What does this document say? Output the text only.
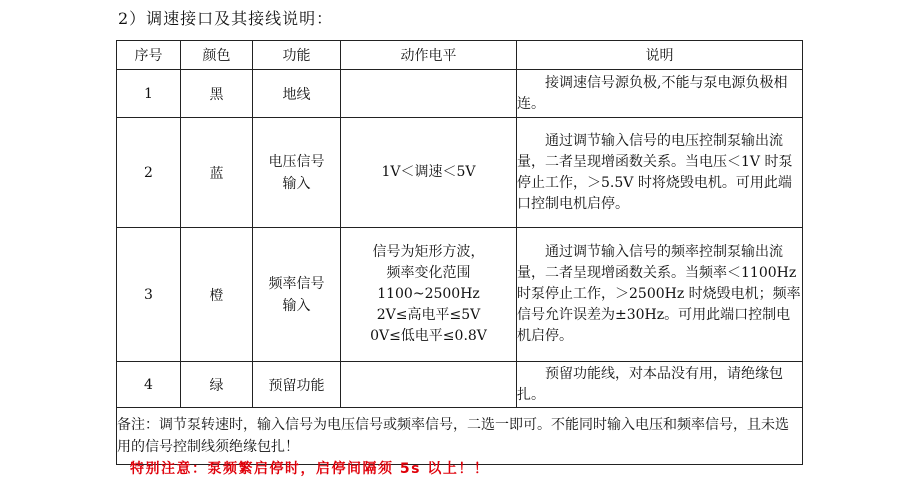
2）调速接口及其接线说明：
序号	颜色	功能	动作电平	说明
1	黑	地线		接调速信号源负极,不能与泵电源负极相连。
2	蓝	电压信号输入	1V＜调速＜5V	通过调节输入信号的电压控制泵输出流量，二者呈现增函数关系。当电压＜1V 时泵停止工作，＞5.5V 时将烧毁电机。可用此端口控制电机启停。
3	橙	频率信号输入	信号为矩形方波，
频率变化范围
1100~2500Hz
2V≤高电平≤5V
0V≤低电平≤0.8V	通过调节输入信号的频率控制泵输出流量，二者呈现增函数关系。当频率＜1100Hz 时泵停止工作，＞2500Hz 时烧毁电机；频率信号允许误差为±30Hz。可用此端口控制电机启停。
4	绿	预留功能		预留功能线，对本品没有用，请绝缘包扎。
备注：调节泵转速时，输入信号为电压信号或频率信号，二选一即可。不能同时输入电压和频率信号，且未选用的信号控制线须绝缘包扎！				
特别注意：泵频繁启停时，启停间隔须 5s 以上！！
